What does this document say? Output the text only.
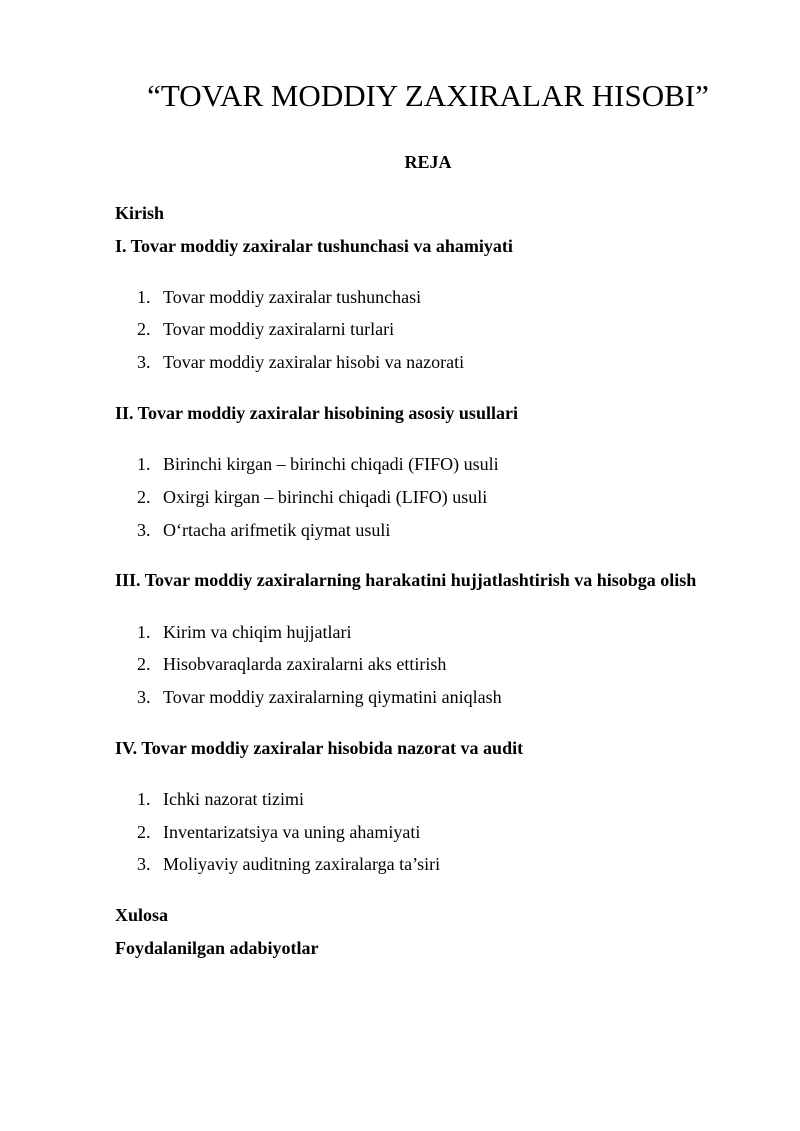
“TOVAR MODDIY ZAXIRALAR HISOBI”
REJA
Kirish
I. Tovar moddiy zaxiralar tushunchasi va ahamiyati
1. Tovar moddiy zaxiralar tushunchasi
2. Tovar moddiy zaxiralarni turlari
3. Tovar moddiy zaxiralar hisobi va nazorati
II. Tovar moddiy zaxiralar hisobining asosiy usullari
1. Birinchi kirgan – birinchi chiqadi (FIFO) usuli
2. Oxirgi kirgan – birinchi chiqadi (LIFO) usuli
3. O‘rtacha arifmetik qiymat usuli
III. Tovar moddiy zaxiralarning harakatini hujjatlashtirish va hisobga olish
1. Kirim va chiqim hujjatlari
2. Hisobvaraqlarda zaxiralarni aks ettirish
3. Tovar moddiy zaxiralarning qiymatini aniqlash
IV. Tovar moddiy zaxiralar hisobida nazorat va audit
1. Ichki nazorat tizimi
2. Inventarizatsiya va uning ahamiyati
3. Moliyaviy auditning zaxiralarga ta’siri
Xulosa
Foydalanilgan adabiyotlar
